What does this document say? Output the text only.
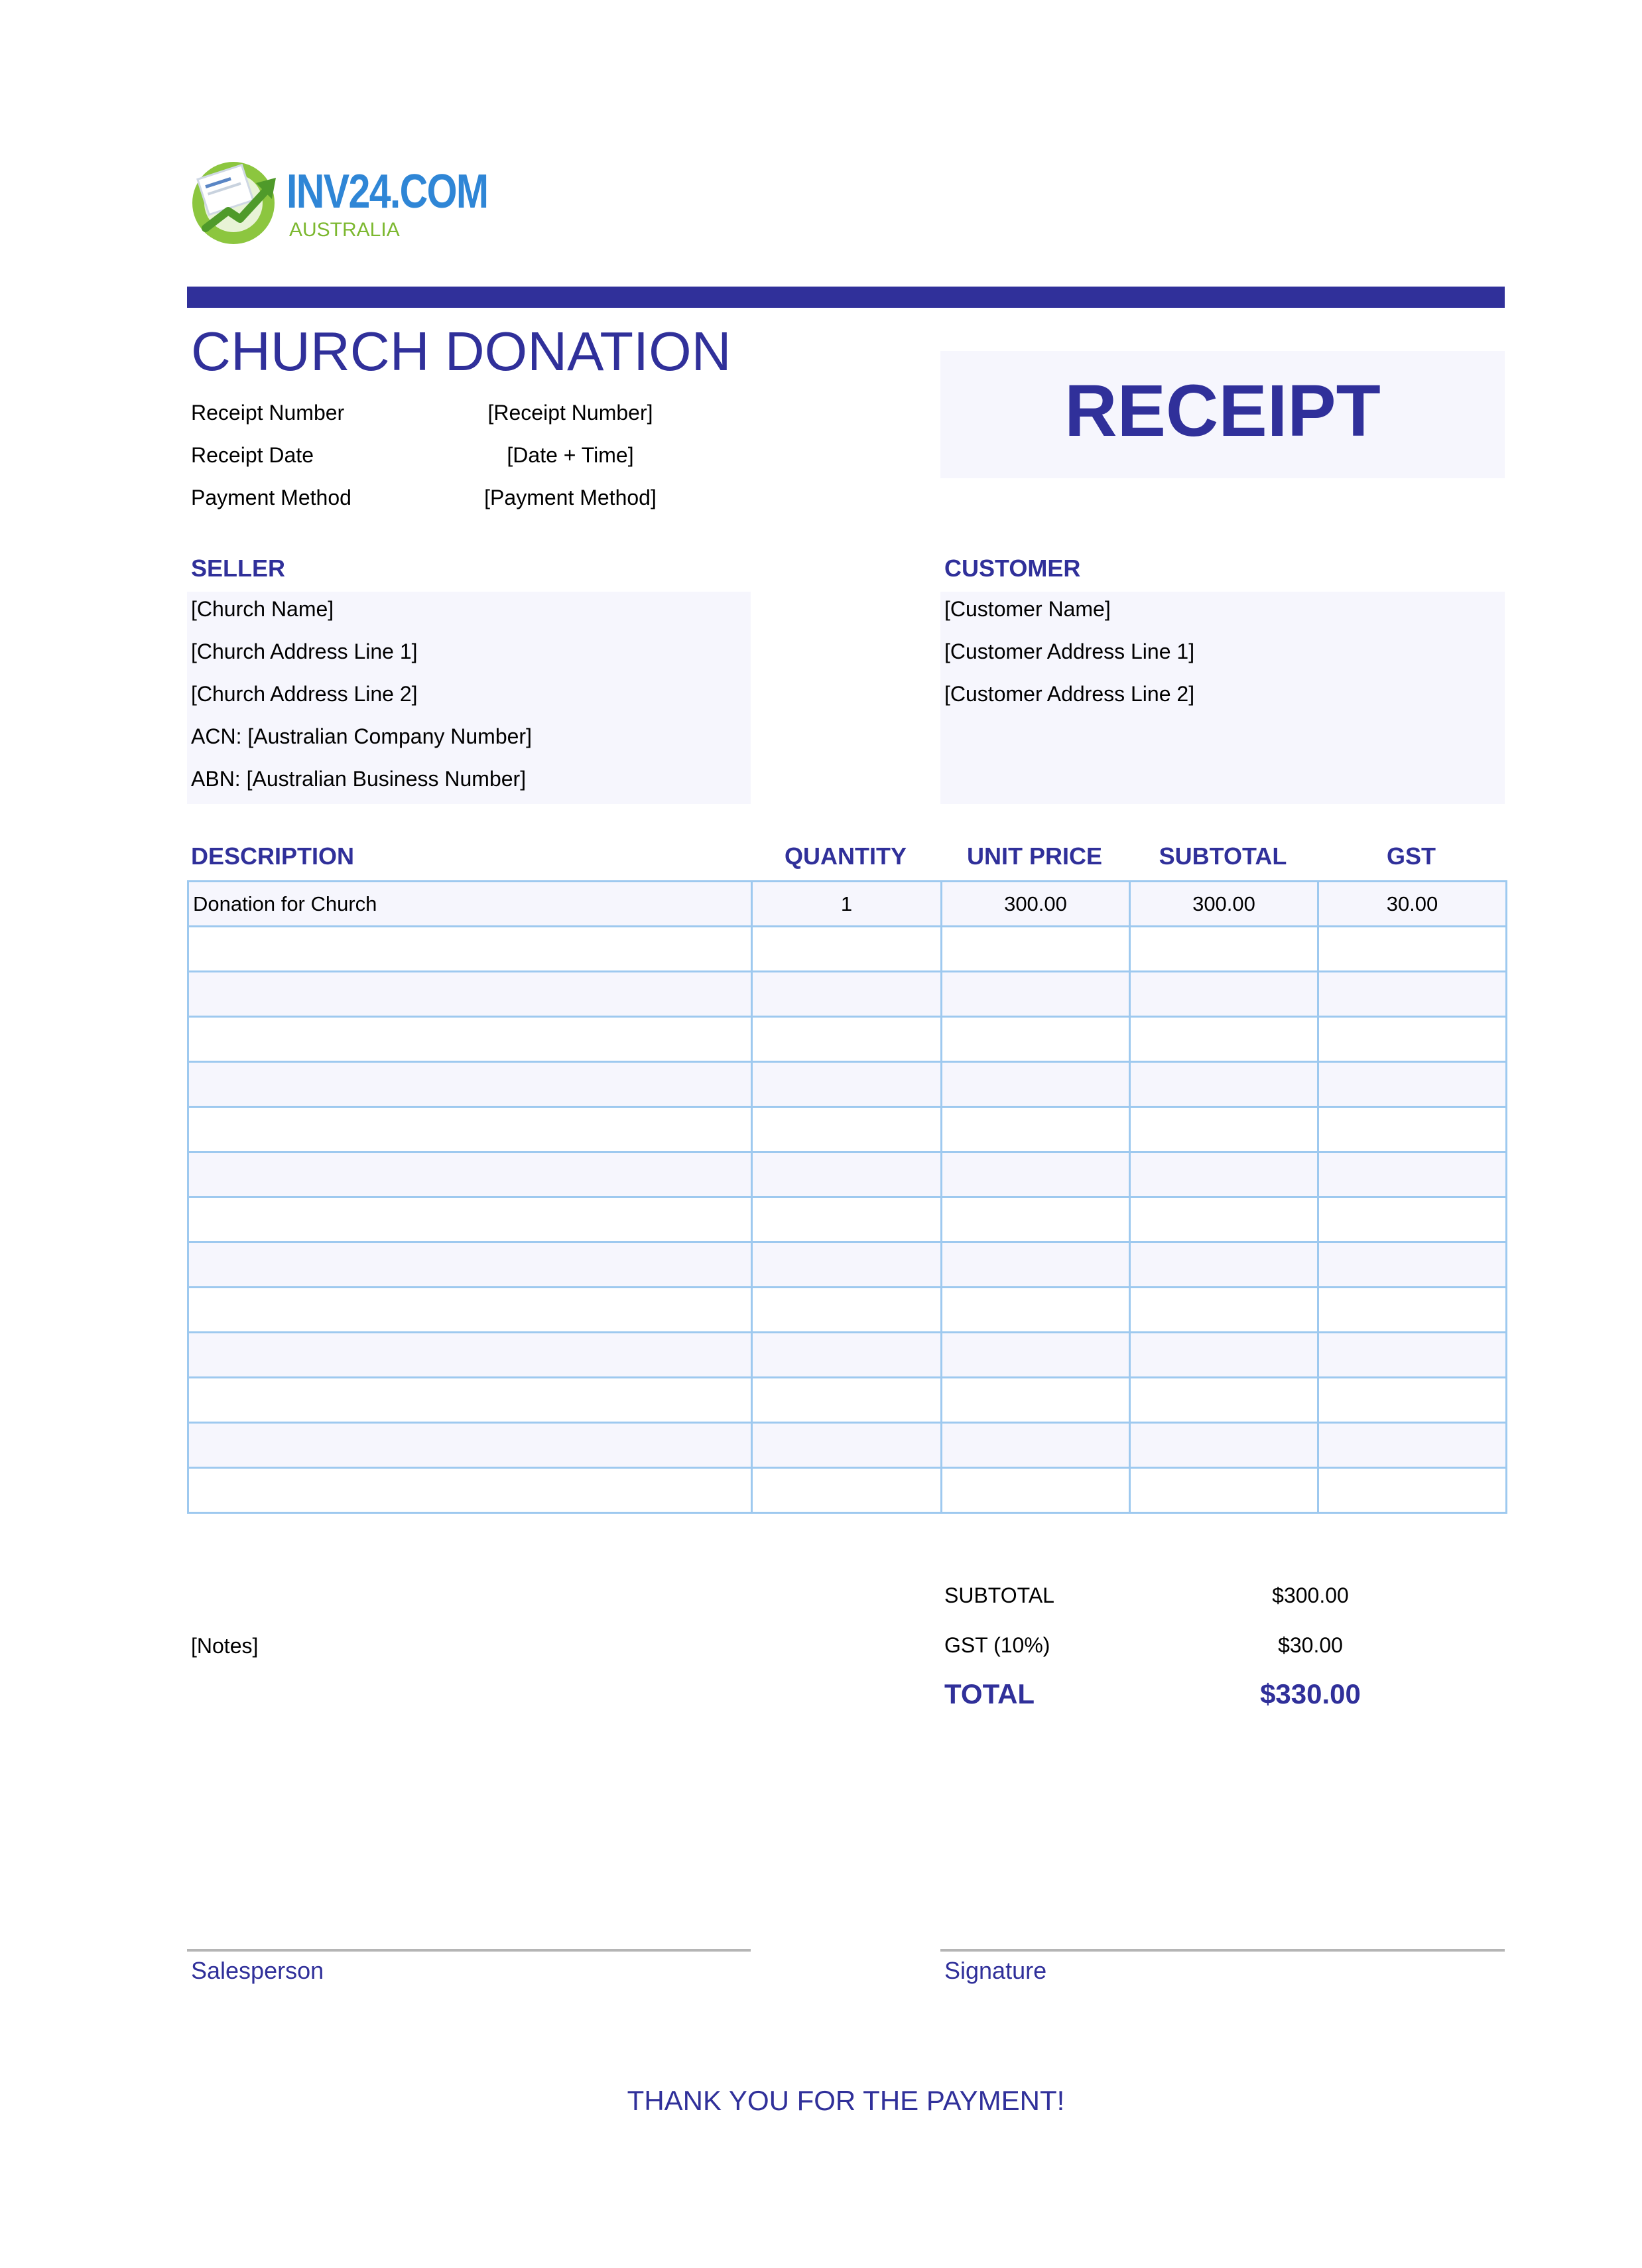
INV24.COM
AUSTRALIA
CHURCH DONATION
RECEIPT
Receipt Number	[Receipt Number]
Receipt Date	[Date + Time]
Payment Method	[Payment Method]
SELLER
[Church Name]
[Church Address Line 1]
[Church Address Line 2]
ACN: [Australian Company Number]
ABN: [Australian Business Number]
CUSTOMER
[Customer Name]
[Customer Address Line 1]
[Customer Address Line 2]
DESCRIPTION	QUANTITY	UNIT PRICE	SUBTOTAL	GST
Donation for Church	1	300.00	300.00	30.00

SUBTOTAL	$300.00
GST (10%)	$30.00
TOTAL	$330.00
[Notes]
Salesperson	Signature
THANK YOU FOR THE PAYMENT!
